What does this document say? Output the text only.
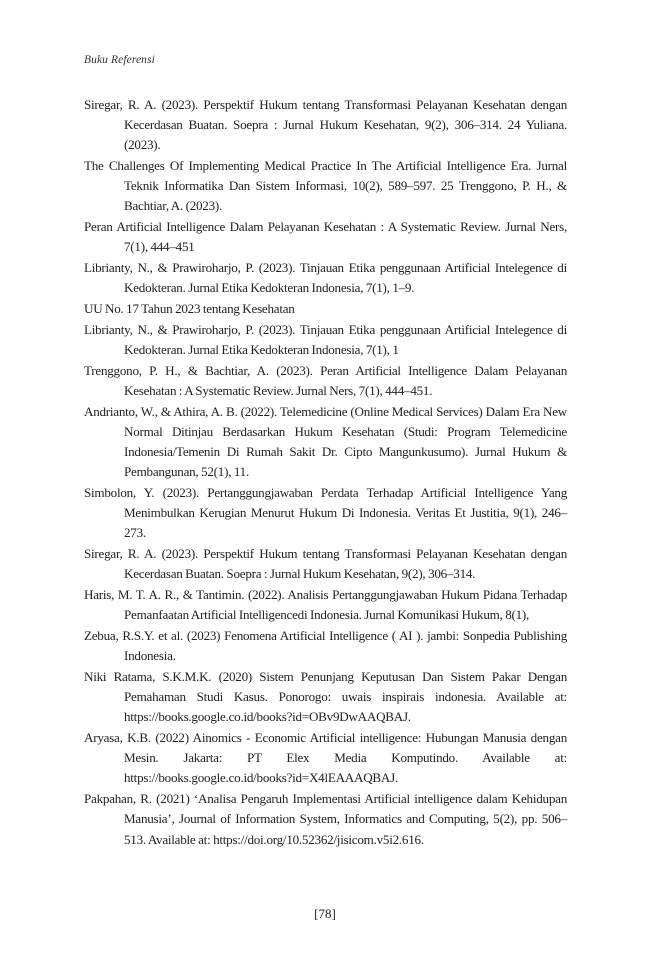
Buku Referensi
Siregar, R. A. (2023). Perspektif Hukum tentang Transformasi Pelayanan Kesehatan dengan Kecerdasan Buatan. Soepra : Jurnal Hukum Kesehatan, 9(2), 306–314. 24 Yuliana. (2023).
The Challenges Of Implementing Medical Practice In The Artificial Intelligence Era. Jurnal Teknik Informatika Dan Sistem Informasi, 10(2), 589–597. 25 Trenggono, P. H., & Bachtiar, A. (2023).
Peran Artificial Intelligence Dalam Pelayanan Kesehatan : A Systematic Review. Jurnal Ners, 7(1), 444–451
Librianty, N., & Prawiroharjo, P. (2023). Tinjauan Etika penggunaan Artificial Intelegence di Kedokteran. Jurnal Etika Kedokteran Indonesia, 7(1), 1–9.
UU No. 17 Tahun 2023 tentang Kesehatan
Librianty, N., & Prawiroharjo, P. (2023). Tinjauan Etika penggunaan Artificial Intelegence di Kedokteran. Jurnal Etika Kedokteran Indonesia, 7(1), 1
Trenggono, P. H., & Bachtiar, A. (2023). Peran Artificial Intelligence Dalam Pelayanan Kesehatan : A Systematic Review. Jurnal Ners, 7(1), 444–451.
Andrianto, W., & Athira, A. B. (2022). Telemedicine (Online Medical Services) Dalam Era New Normal Ditinjau Berdasarkan Hukum Kesehatan (Studi: Program Telemedicine Indonesia/Temenin Di Rumah Sakit Dr. Cipto Mangunkusumo). Jurnal Hukum & Pembangunan, 52(1), 11.
Simbolon, Y. (2023). Pertanggungjawaban Perdata Terhadap Artificial Intelligence Yang Menimbulkan Kerugian Menurut Hukum Di Indonesia. Veritas Et Justitia, 9(1), 246–273.
Siregar, R. A. (2023). Perspektif Hukum tentang Transformasi Pelayanan Kesehatan dengan Kecerdasan Buatan. Soepra : Jurnal Hukum Kesehatan, 9(2), 306–314.
Haris, M. T. A. R., & Tantimin. (2022). Analisis Pertanggungjawaban Hukum Pidana Terhadap Pemanfaatan Artificial Intelligencedi Indonesia. Jurnal Komunikasi Hukum, 8(1),
Zebua, R.S.Y. et al. (2023) Fenomena Artificial Intelligence ( AI ). jambi: Sonpedia Publishing Indonesia.
Niki Ratama, S.K.M.K. (2020) Sistem Penunjang Keputusan Dan Sistem Pakar Dengan Pemahaman Studi Kasus. Ponorogo: uwais inspirais indonesia. Available at: https://books.google.co.id/books?id=OBv9DwAAQBAJ.
Aryasa, K.B. (2022) Ainomics - Economic Artificial intelligence: Hubungan Manusia dengan Mesin. Jakarta: PT Elex Media Komputindo. Available at: https://books.google.co.id/books?id=X4lEAAAQBAJ.
Pakpahan, R. (2021) ‘Analisa Pengaruh Implementasi Artificial intelligence dalam Kehidupan Manusia’, Journal of Information System, Informatics and Computing, 5(2), pp. 506–513. Available at: https://doi.org/10.52362/jisicom.v5i2.616.
[78]
